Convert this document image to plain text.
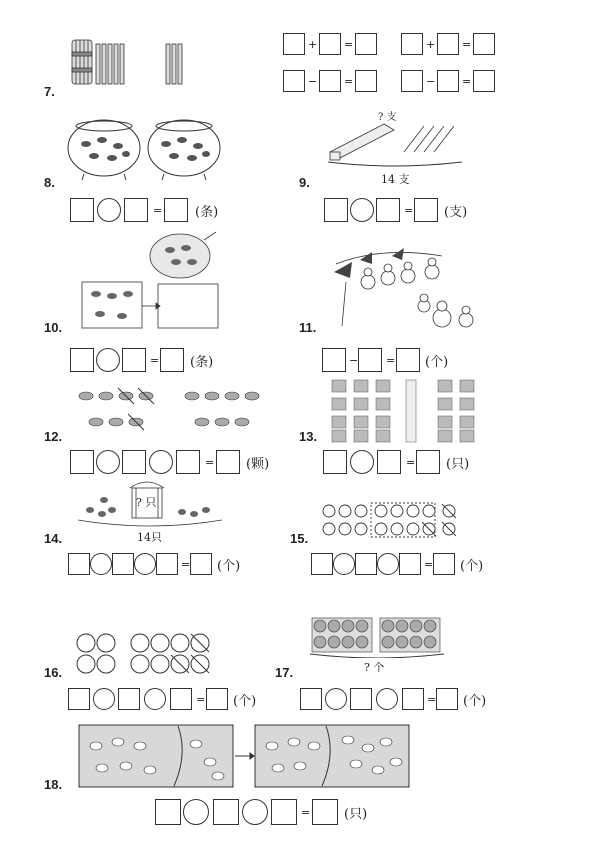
7.
+ =	+ =
− =	− =
8.
=	(条)
9.
? 支
14 支
= (支)
10.
= (条)
11.
−	= (个)
12.
= (颗)
13.
= (只)
14.
? 只
14只
= (个)
15.
= (个)
16.
= (个)
17.	? 个
= (个)
18.
=	(只)
